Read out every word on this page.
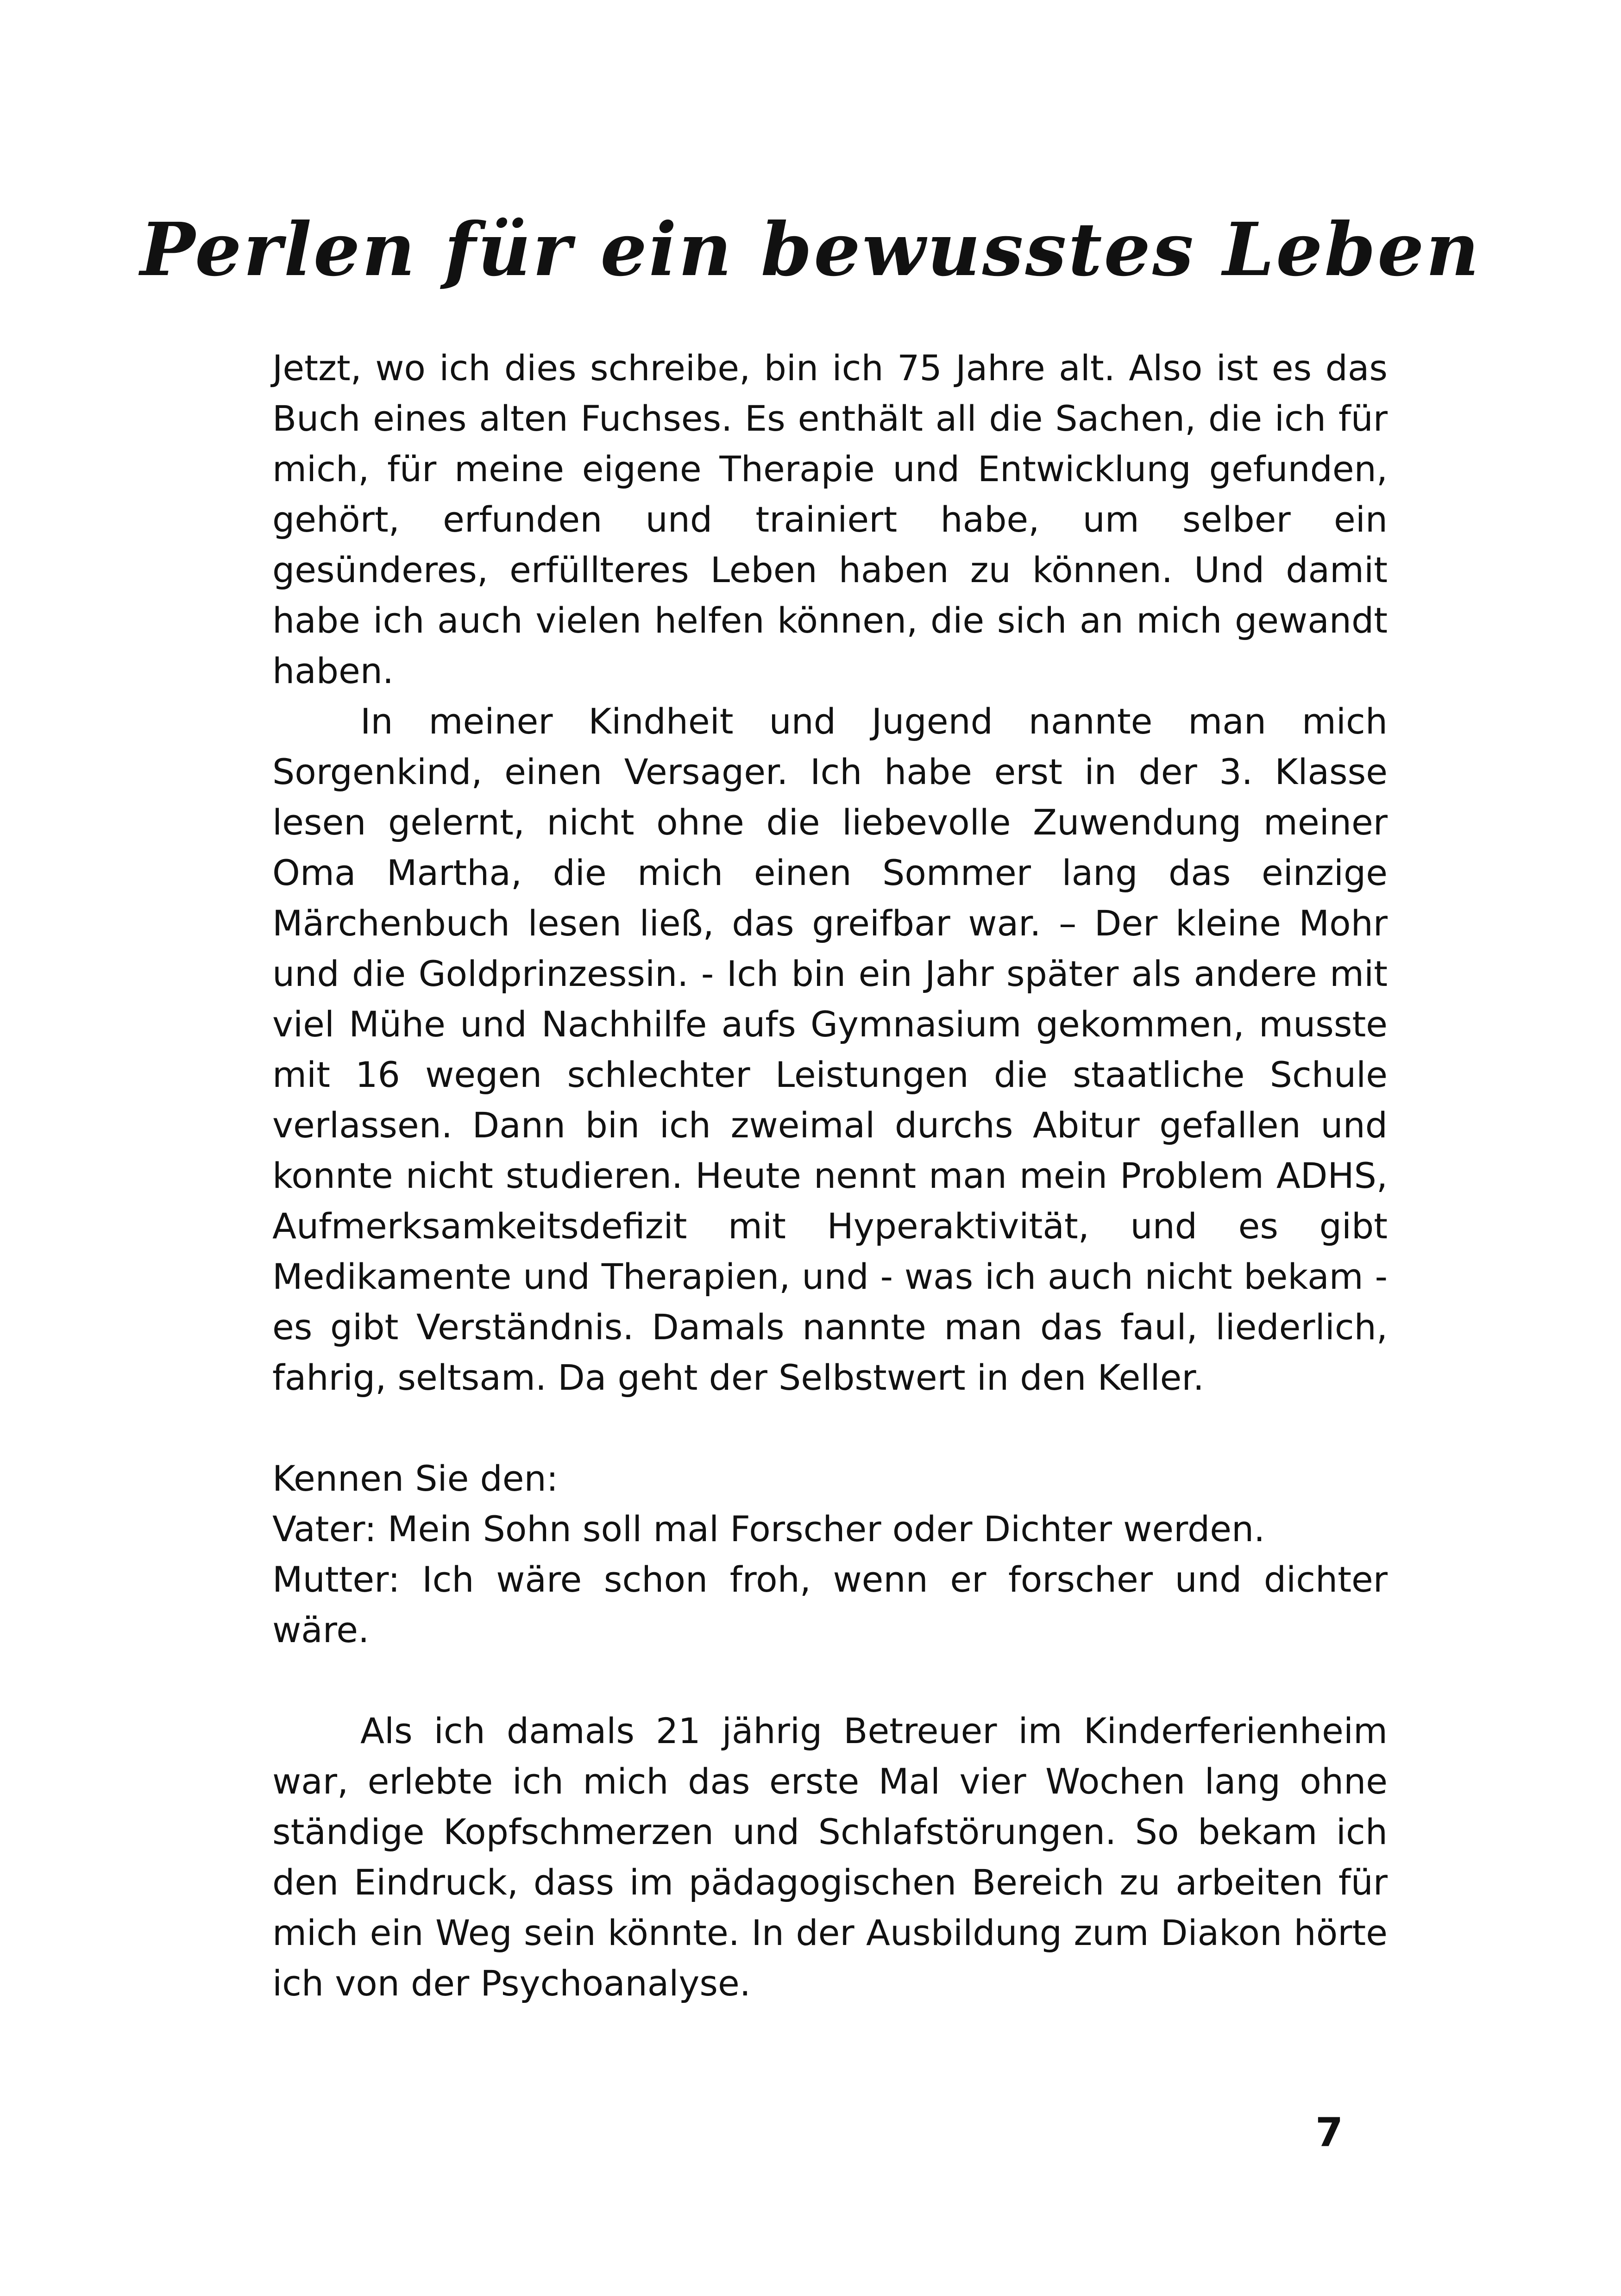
Perlen für ein bewusstes Leben

Jetzt, wo ich dies schreibe, bin ich 75 Jahre alt. Also ist es das Buch eines alten Fuchses. Es enthält all die Sachen, die ich für mich, für meine eigene Therapie und Entwicklung gefunden, gehört, erfunden und trainiert habe, um selber ein gesünderes, erfüllteres Leben haben zu können. Und damit habe ich auch vielen helfen können, die sich an mich gewandt haben.

In meiner Kindheit und Jugend nannte man mich Sorgenkind, einen Versager. Ich habe erst in der 3. Klasse lesen gelernt, nicht ohne die liebevolle Zuwendung meiner Oma Martha, die mich einen Sommer lang das einzige Märchenbuch lesen ließ, das greifbar war. – Der kleine Mohr und die Goldprinzessin. - Ich bin ein Jahr später als andere mit viel Mühe und Nachhilfe aufs Gymnasium gekommen, musste mit 16 wegen schlechter Leistungen die staatliche Schule verlassen. Dann bin ich zweimal durchs Abitur gefallen und konnte nicht studieren. Heute nennt man mein Problem ADHS, Aufmerksamkeitsdefizit mit Hyperaktivität, und es gibt Medikamente und Therapien, und - was ich auch nicht bekam - es gibt Verständnis. Damals nannte man das faul, liederlich, fahrig, seltsam. Da geht der Selbstwert in den Keller.

Kennen Sie den:

Vater: Mein Sohn soll mal Forscher oder Dichter werden.

Mutter: Ich wäre schon froh, wenn er forscher und dichter wäre.

Als ich damals 21 jährig Betreuer im Kinderferienheim war, erlebte ich mich das erste Mal vier Wochen lang ohne ständige Kopfschmerzen und Schlafstörungen. So bekam ich den Eindruck, dass im pädagogischen Bereich zu arbeiten für mich ein Weg sein könnte. In der Ausbildung zum Diakon hörte ich von der Psychoanalyse.

7
